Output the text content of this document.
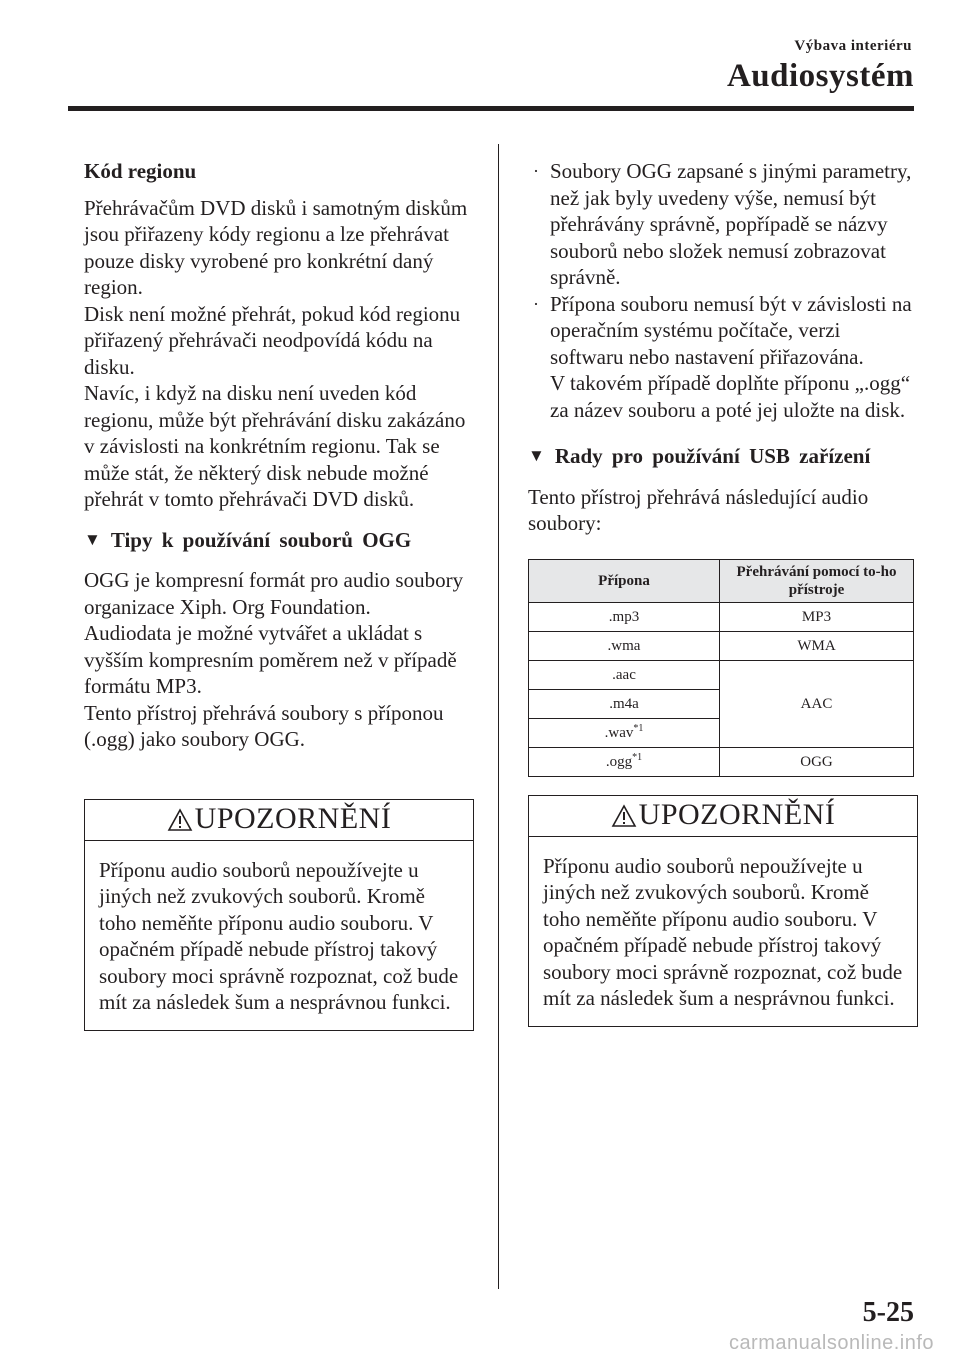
Výbava interiéru
Audiosystém
Kód regionu

Přehrávačům DVD disků i samotným diskům jsou přiřazeny kódy regionu a lze přehrávat pouze disky vyrobené pro konkrétní daný region.

Disk není možné přehrát, pokud kód regionu přiřazený přehrávači neodpovídá kódu na disku.

Navíc, i když na disku není uveden kód regionu, může být přehrávání disku zakázáno v závislosti na konkrétním regionu. Tak se může stát, že některý disk nebude možné přehrát v tomto přehrávači DVD disků.

▼ Tipy k používání souborů OGG

OGG je kompresní formát pro audio soubory organizace Xiph. Org Foundation.

Audiodata je možné vytvářet a ukládat s vyšším kompresním poměrem než v případě formátu MP3.

Tento přístroj přehrává soubory s příponou (.ogg) jako soubory OGG.

UPOZORNĚNÍ
Příponu audio souborů nepoužívejte u jiných než zvukových souborů. Kromě toho neměňte příponu audio souboru. V opačném případě nebude přístroj takový soubory moci správně rozpoznat, což bude mít za následek šum a nesprávnou funkci.
· Soubory OGG zapsané s jinými parametry, než jak byly uvedeny výše, nemusí být přehrávány správně, popřípadě se názvy souborů nebo složek nemusí zobrazovat správně.
· Přípona souboru nemusí být v závislosti na operačním systému počítače, verzi softwaru nebo nastavení přiřazována.
V takovém případě doplňte příponu „.ogg“ za název souboru a poté jej uložte na disk.
▼ Rady pro používání USB zařízení

Tento přístroj přehrává následující audio soubory:

Přípona	Přehrávání pomocí to-ho přístroje
.mp3	MP3
.wma	WMA
.aac	AAC
.m4a	
.wav$^{*1}$
.ogg$^{*1}$	OGG
UPOZORNĚNÍ
Příponu audio souborů nepoužívejte u jiných než zvukových souborů. Kromě toho neměňte příponu audio souboru. V opačném případě nebude přístroj takový soubory moci správně rozpoznat, což bude mít za následek šum a nesprávnou funkci.
5-25
carmanualsonline.info
